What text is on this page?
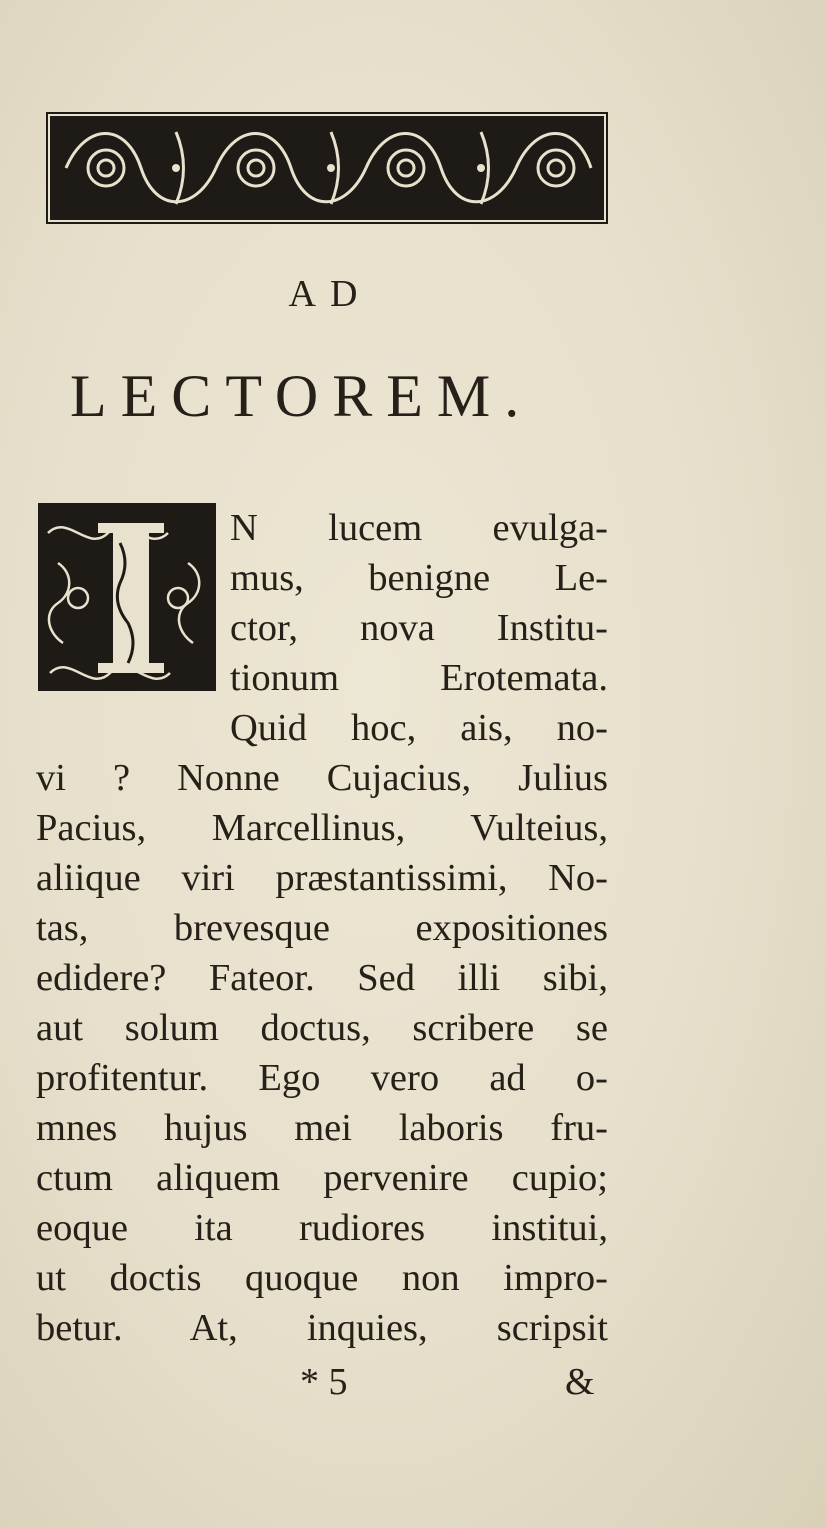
AD
LECTOREM.
N lucem evulga-
mus, benigne Le-
ctor, nova Institu-
tionum Erotemata.
Quid hoc, ais, no-
vi ? Nonne Cujacius, Julius
Pacius, Marcellinus, Vulteius,
aliique viri præstantissimi, No-
tas, brevesque expositiones
edidere? Fateor. Sed illi sibi,
aut solum doctus, scribere se
profitentur. Ego vero ad o-
mnes hujus mei laboris fru-
ctum aliquem pervenire cupio;
eoque ita rudiores institui,
ut doctis quoque non impro-
betur. At, inquies, scripsit
* 5	&
